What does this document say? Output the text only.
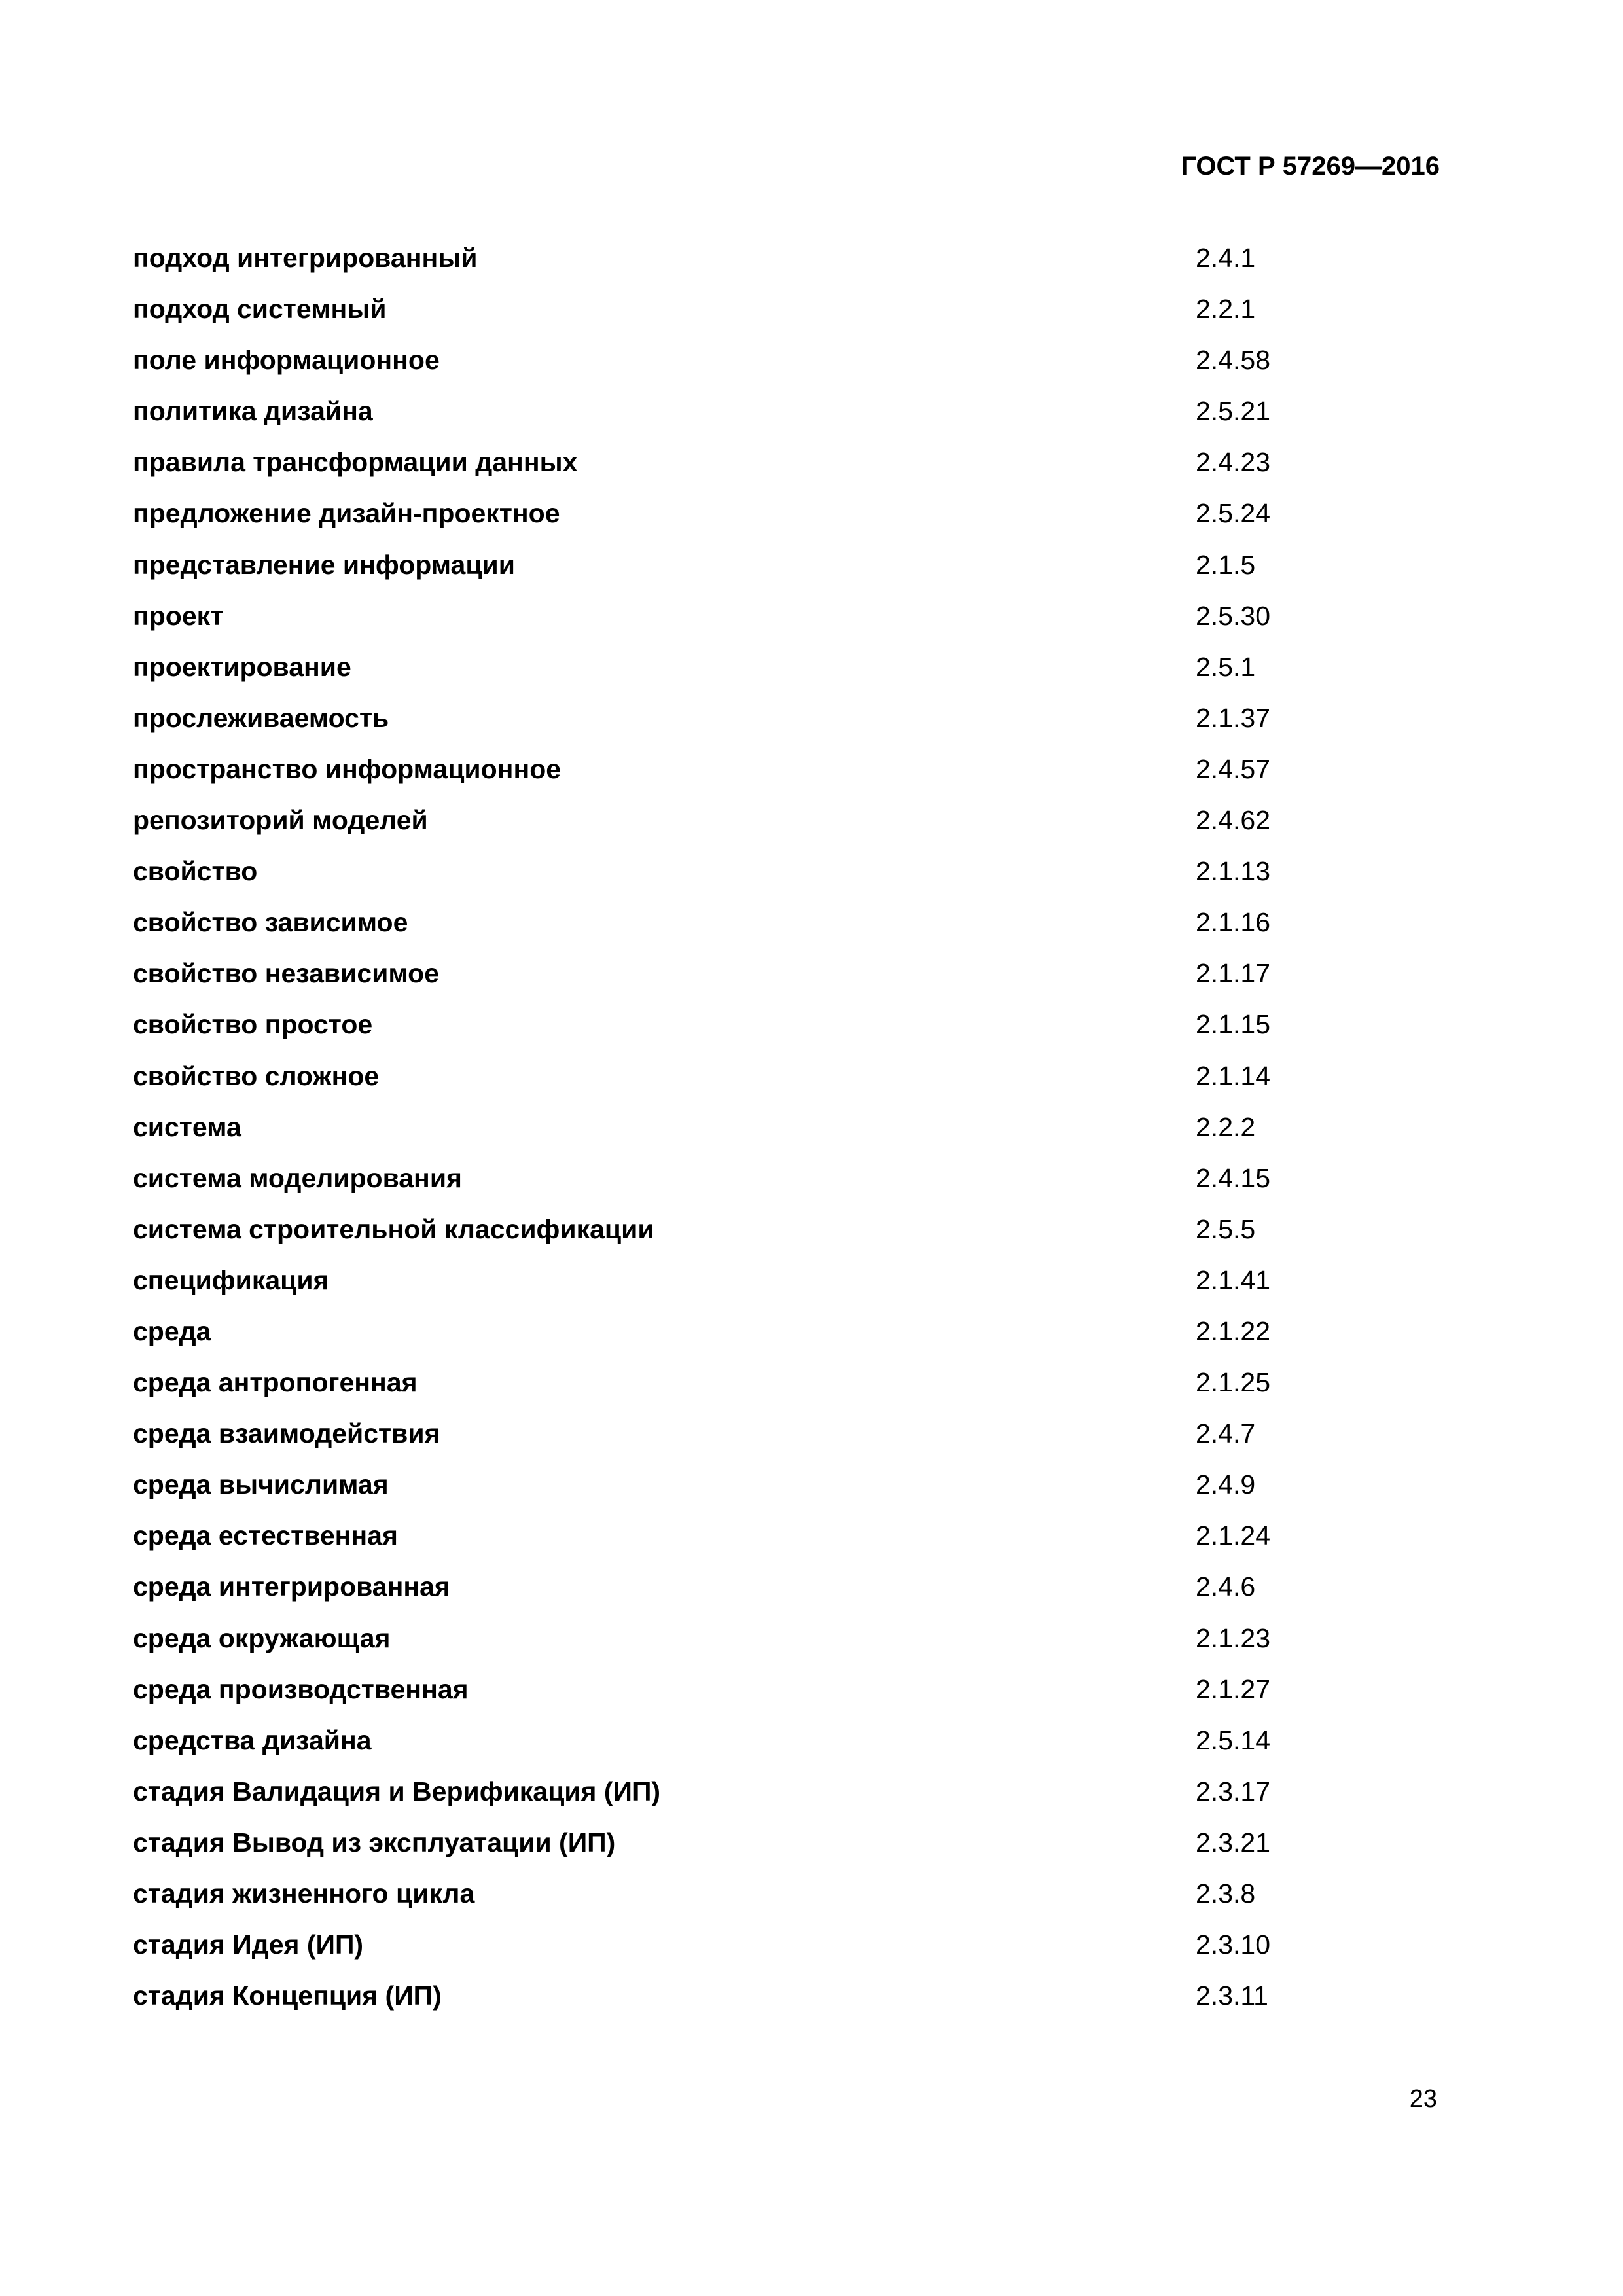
ГОСТ Р 57269—2016
подход интегрированный	2.4.1
подход системный	2.2.1
поле информационное	2.4.58
политика дизайна	2.5.21
правила трансформации данных	2.4.23
предложение дизайн-проектное	2.5.24
представление информации	2.1.5
проект	2.5.30
проектирование	2.5.1
прослеживаемость	2.1.37
пространство информационное	2.4.57
репозиторий моделей	2.4.62
свойство	2.1.13
свойство зависимое	2.1.16
свойство независимое	2.1.17
свойство простое	2.1.15
свойство сложное	2.1.14
система	2.2.2
система моделирования	2.4.15
система строительной классификации	2.5.5
спецификация	2.1.41
среда	2.1.22
среда антропогенная	2.1.25
среда взаимодействия	2.4.7
среда вычислимая	2.4.9
среда естественная	2.1.24
среда интегрированная	2.4.6
среда окружающая	2.1.23
среда производственная	2.1.27
средства дизайна	2.5.14
стадия Валидация и Верификация (ИП)	2.3.17
стадия Вывод из эксплуатации (ИП)	2.3.21
стадия жизненного цикла	2.3.8
стадия Идея (ИП)	2.3.10
стадия Концепция (ИП)	2.3.11
23
